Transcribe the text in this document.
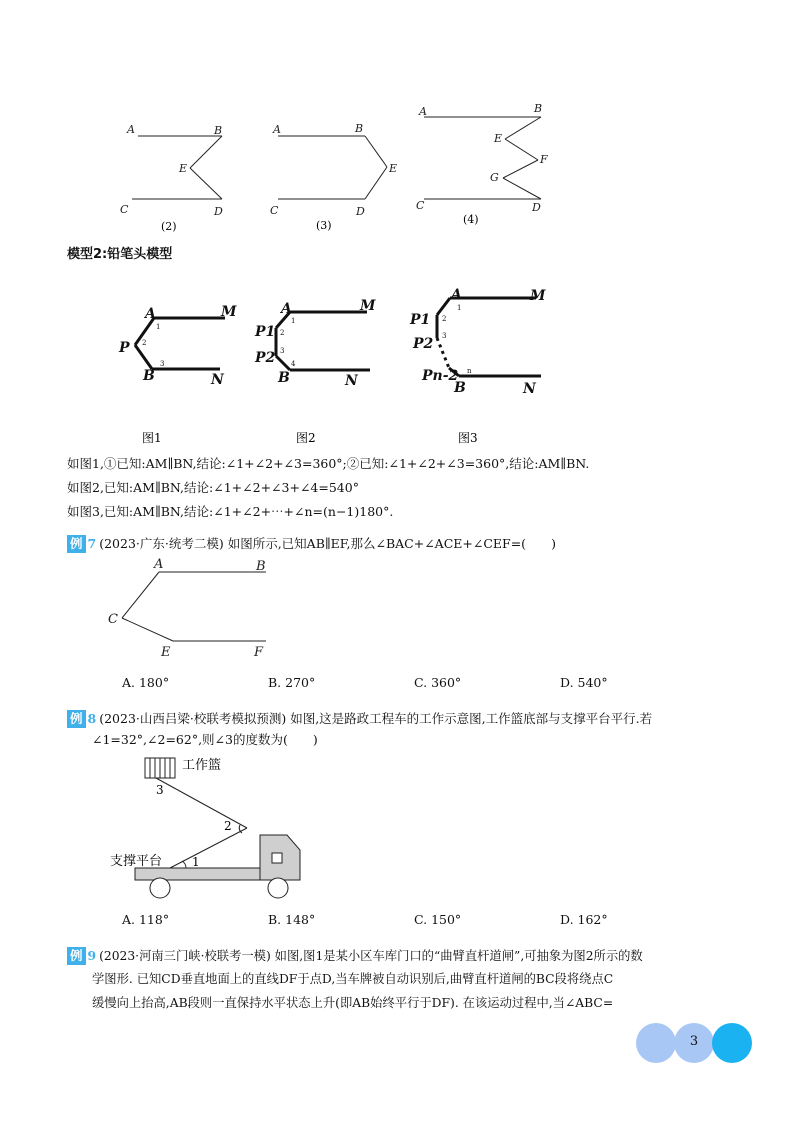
A	B
E
C	D
(2)
A	B
E
C	D
(3)
A	B
E
F
G
C	D
(4)
模型2:铅笔头模型
A	M
P
B	N
1
2
3
图1
A	M
P1
P2
B	N
1
2
3
4
图2
A	M
P1
P2
Pn-2
B	N
1
2
3
n
图3
如图1,①已知:AM∥BN,结论:∠1+∠2+∠3=360°;②已知:∠1+∠2+∠3=360°,结论:AM∥BN.
如图2,已知:AM∥BN,结论:∠1+∠2+∠3+∠4=540°
如图3,已知:AM∥BN,结论:∠1+∠2+⋯+∠n=(n−1)180°.
例 7 (2023·广东·统考二模) 如图所示,已知AB∥EF,那么∠BAC+∠ACE+∠CEF=(　　)
A	B
C
E	F
A. 180°	B. 270°	C. 360°	D. 540°
例 8 (2023·山西吕梁·校联考模拟预测) 如图,这是路政工程车的工作示意图,工作篮底部与支撑平台平行.若
∠1=32°,∠2=62°,则∠3的度数为(　　)
工作篮
支撑平台 1
2
3
A. 118°	B. 148°	C. 150°	D. 162°
例 9 (2023·河南三门峡·校联考一模) 如图,图1是某小区车库门口的“曲臂直杆道闸”,可抽象为图2所示的数
学图形. 已知CD垂直地面上的直线DF于点D,当车牌被自动识别后,曲臂直杆道闸的BC段将绕点C
缓慢向上抬高,AB段则一直保持水平状态上升(即AB始终平行于DF). 在该运动过程中,当∠ABC=
3
